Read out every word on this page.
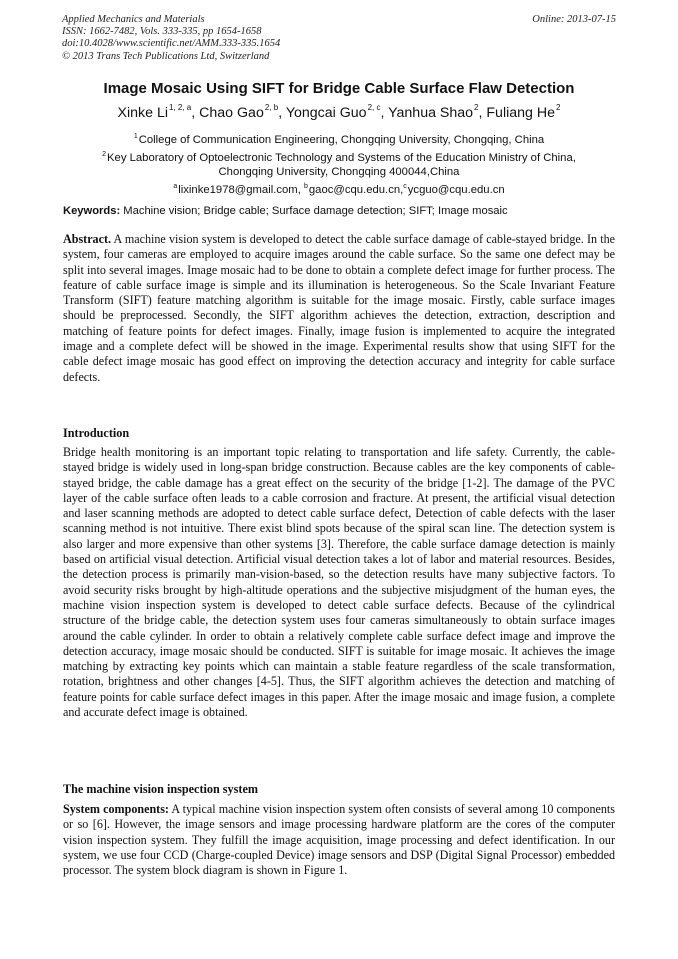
Applied Mechanics and Materials
ISSN: 1662-7482, Vols. 333-335, pp 1654-1658
doi:10.4028/www.scientific.net/AMM.333-335.1654
© 2013 Trans Tech Publications Ltd, Switzerland
Online: 2013-07-15
Image Mosaic Using SIFT for Bridge Cable Surface Flaw Detection
Xinke Li$^{1, 2, a}$, Chao Gao$^{2, b}$, Yongcai Guo$^{2, c}$, Yanhua Shao$^2$, Fuliang He$^2$
$^1$College of Communication Engineering, Chongqing University, Chongqing, China
$^2$Key Laboratory of Optoelectronic Technology and Systems of the Education Ministry of China,
Chongqing University, Chongqing 400044,China
$^a$lixinke1978@gmail.com, $^b$gaoc@cqu.edu.cn,$^c$ycguo@cqu.edu.cn
Keywords: Machine vision; Bridge cable; Surface damage detection; SIFT; Image mosaic
Abstract. A machine vision system is developed to detect the cable surface damage of cable-stayed bridge. In the system, four cameras are employed to acquire images around the cable surface. So the same one defect may be split into several images. Image mosaic had to be done to obtain a complete defect image for further process. The feature of cable surface image is simple and its illumination is heterogeneous. So the Scale Invariant Feature Transform (SIFT) feature matching algorithm is suitable for the image mosaic. Firstly, cable surface images should be preprocessed. Secondly, the SIFT algorithm achieves the detection, extraction, description and matching of feature points for defect images. Finally, image fusion is implemented to acquire the integrated image and a complete defect will be showed in the image. Experimental results show that using SIFT for the cable defect image mosaic has good effect on improving the detection accuracy and integrity for cable surface defects.
Introduction
Bridge health monitoring is an important topic relating to transportation and life safety. Currently, the cable-stayed bridge is widely used in long-span bridge construction. Because cables are the key components of cable-stayed bridge, the cable damage has a great effect on the security of the bridge [1-2]. The damage of the PVC layer of the cable surface often leads to a cable corrosion and fracture. At present, the artificial visual detection and laser scanning methods are adopted to detect cable surface defect, Detection of cable defects with the laser scanning method is not intuitive. There exist blind spots because of the spiral scan line. The detection system is also larger and more expensive than other systems [3]. Therefore, the cable surface damage detection is mainly based on artificial visual detection. Artificial visual detection takes a lot of labor and material resources. Besides, the detection process is primarily man-vision-based, so the detection results have many subjective factors. To avoid security risks brought by high-altitude operations and the subjective misjudgment of the human eyes, the machine vision inspection system is developed to detect cable surface defects. Because of the cylindrical structure of the bridge cable, the detection system uses four cameras simultaneously to obtain surface images around the cable cylinder. In order to obtain a relatively complete cable surface defect image and improve the detection accuracy, image mosaic should be conducted. SIFT is suitable for image mosaic. It achieves the image matching by extracting key points which can maintain a stable feature regardless of the scale transformation, rotation, brightness and other changes [4-5]. Thus, the SIFT algorithm achieves the detection and matching of feature points for cable surface defect images in this paper. After the image mosaic and image fusion, a complete and accurate defect image is obtained.
The machine vision inspection system
System components: A typical machine vision inspection system often consists of several among 10 components or so [6]. However, the image sensors and image processing hardware platform are the cores of the computer vision inspection system. They fulfill the image acquisition, image processing and defect identification. In our system, we use four CCD (Charge-coupled Device) image sensors and DSP (Digital Signal Processor) embedded processor. The system block diagram is shown in Figure 1.
